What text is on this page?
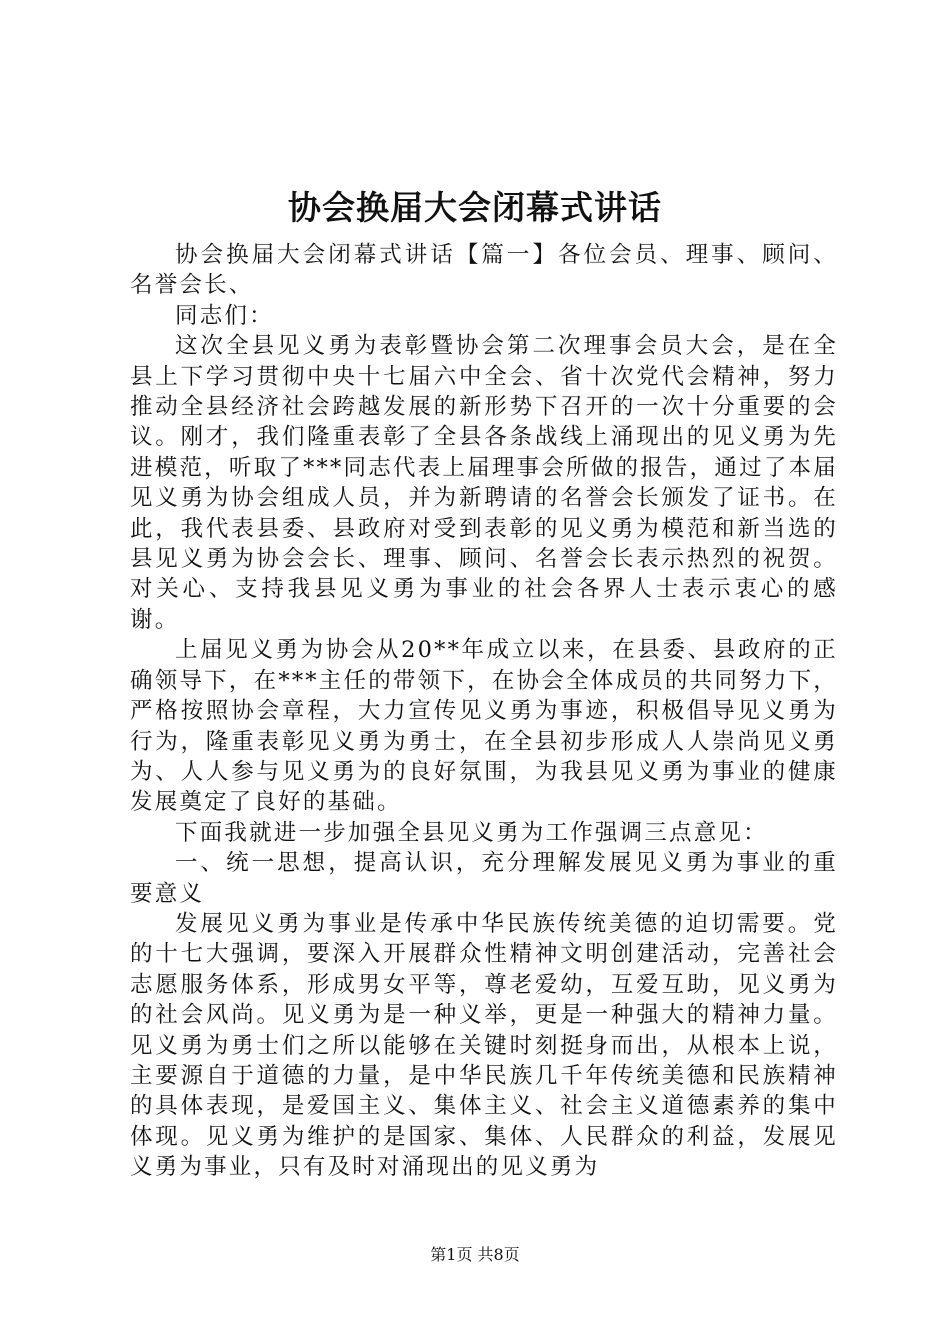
协会换届大会闭幕式讲话

协会换届大会闭幕式讲话【篇一】各位会员、理事、顾问、名誉会长、

同志们：

这次全县见义勇为表彰暨协会第二次理事会员大会，是在全县上下学习贯彻中央十七届六中全会、省十次党代会精神，努力推动全县经济社会跨越发展的新形势下召开的一次十分重要的会议。刚才，我们隆重表彰了全县各条战线上涌现出的见义勇为先进模范，听取了***同志代表上届理事会所做的报告，通过了本届见义勇为协会组成人员，并为新聘请的名誉会长颁发了证书。在此，我代表县委、县政府对受到表彰的见义勇为模范和新当选的县见义勇为协会会长、理事、顾问、名誉会长表示热烈的祝贺。对关心、支持我县见义勇为事业的社会各界人士表示衷心的感谢。

上届见义勇为协会从20**年成立以来，在县委、县政府的正确领导下，在***主任的带领下，在协会全体成员的共同努力下，严格按照协会章程，大力宣传见义勇为事迹，积极倡导见义勇为行为，隆重表彰见义勇为勇士，在全县初步形成人人崇尚见义勇为、人人参与见义勇为的良好氛围，为我县见义勇为事业的健康发展奠定了良好的基础。

下面我就进一步加强全县见义勇为工作强调三点意见：

一、统一思想，提高认识，充分理解发展见义勇为事业的重要意义

发展见义勇为事业是传承中华民族传统美德的迫切需要。党的十七大强调，要深入开展群众性精神文明创建活动，完善社会志愿服务体系，形成男女平等，尊老爱幼，互爱互助，见义勇为的社会风尚。见义勇为是一种义举，更是一种强大的精神力量。见义勇为勇士们之所以能够在关键时刻挺身而出，从根本上说，主要源自于道德的力量，是中华民族几千年传统美德和民族精神的具体表现，是爱国主义、集体主义、社会主义道德素养的集中体现。见义勇为维护的是国家、集体、人民群众的利益，发展见义勇为事业，只有及时对涌现出的见义勇为

第1页 共8页
